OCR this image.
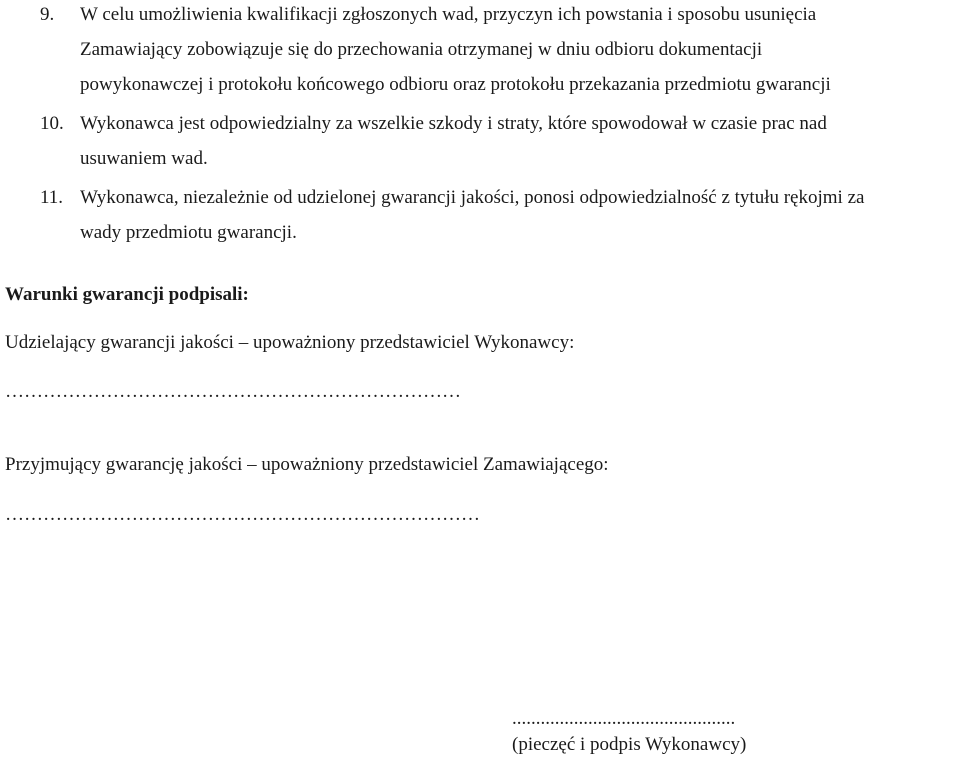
9. W celu umożliwienia kwalifikacji zgłoszonych wad, przyczyn ich powstania i sposobu usunięcia
Zamawiający zobowiązuje się do przechowania otrzymanej w dniu odbioru dokumentacji
powykonawczej i protokołu końcowego odbioru oraz protokołu przekazania przedmiotu gwarancji
10. Wykonawca jest odpowiedzialny za wszelkie szkody i straty, które spowodował w czasie prac nad
usuwaniem wad.
11. Wykonawca, niezależnie od udzielonej gwarancji jakości, ponosi odpowiedzialność z tytułu rękojmi za
wady przedmiotu gwarancji.
Warunki gwarancji podpisali:
Udzielający gwarancji jakości – upoważniony przedstawiciel Wykonawcy:
………………………………………………………………
Przyjmujący gwarancję jakości – upoważniony przedstawiciel Zamawiającego:
…………………………………………………………………
...............................................
(pieczęć i podpis Wykonawcy)
